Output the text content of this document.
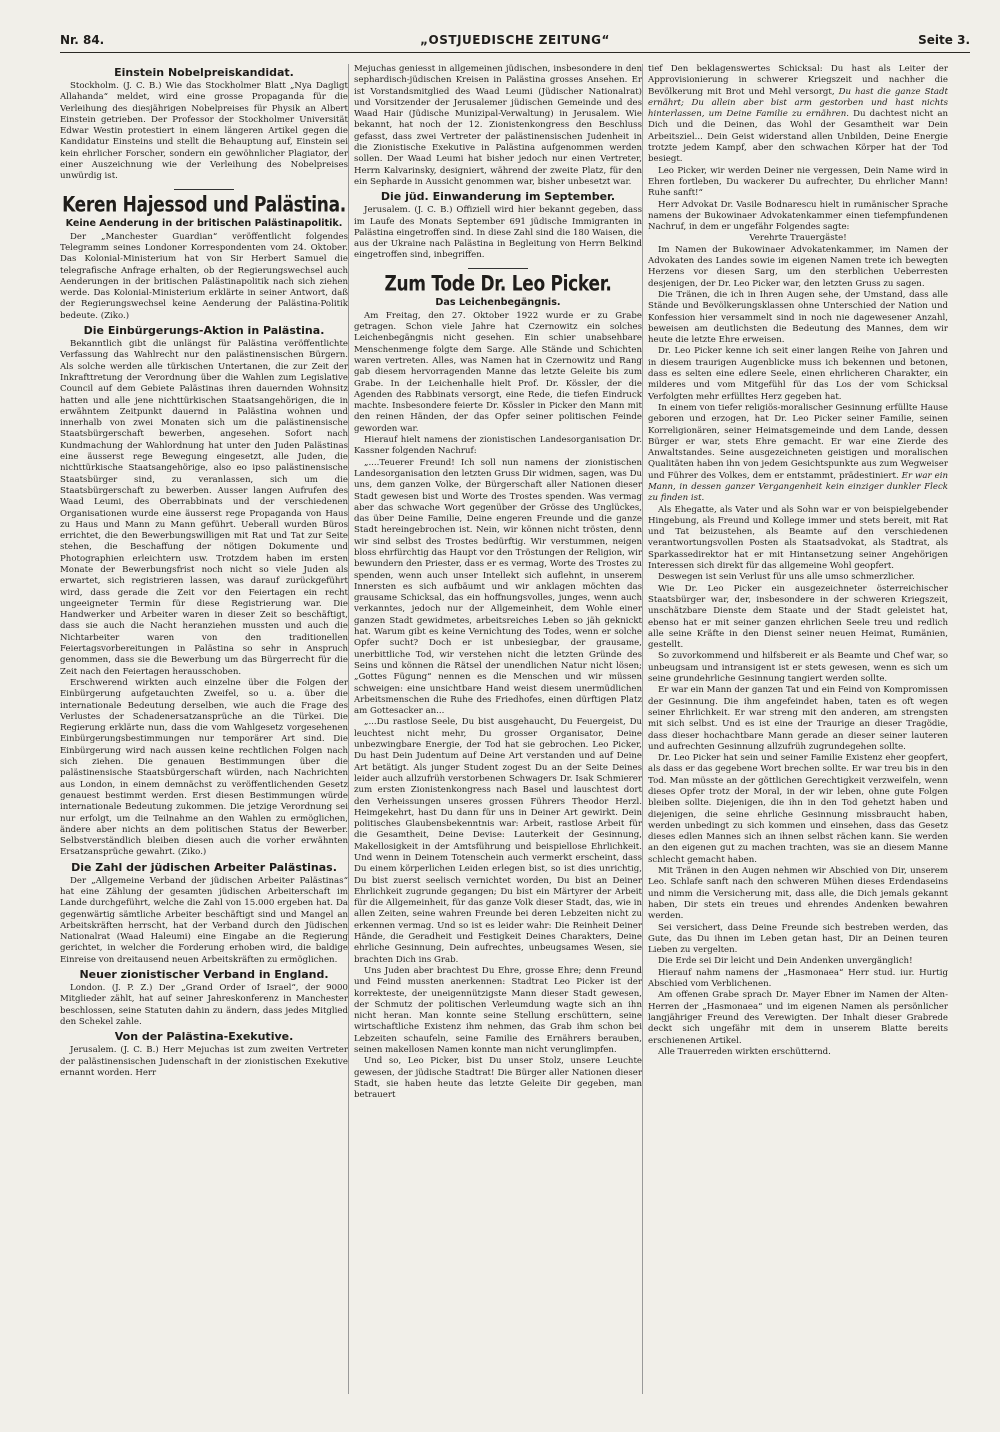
Nr. 84.	„OSTJUEDISCHE ZEITUNG“	Seite 3.
Einstein Nobelpreiskandidat.

Stockholm. (J. C. B.) Wie das Stockholmer Blatt „Nya Dagligt Allahanda“ meldet, wird eine grosse Propaganda für die Verleihung des diesjährigen Nobelpreises für Physik an Albert Einstein getrieben. Der Professor der Stockholmer Universität Edwar Westin protestiert in einem längeren Artikel gegen die Kandidatur Einsteins und stellt die Behauptung auf, Einstein sei kein ehrlicher Forscher, sondern ein gewöhnlicher Plagiator, der einer Auszeichnung wie der Verleihung des Nobelpreises unwürdig ist.

Keren Hajessod und Palästina.
Keine Aenderung in der britischen Palästinapolitik.

Der „Manchester Guardian“ veröffentlicht folgendes Telegramm seines Londoner Korrespondenten vom 24. Oktober. Das Kolonial-Ministerium hat von Sir Herbert Samuel die telegrafische Anfrage erhalten, ob der Regierungswechsel auch Aenderungen in der britischen Palästinapolitik nach sich ziehen werde. Das Kolonial-Ministerium erklärte in seiner Antwort, daß der Regierungswechsel keine Aenderung der Palästina-Politik bedeute. (Ziko.)

Die Einbürgerungs-Aktion in Palästina.

Bekanntlich gibt die unlängst für Palästina veröffentlichte Verfassung das Wahlrecht nur den palästinensischen Bürgern. Als solche werden alle türkischen Untertanen, die zur Zeit der Inkrafttretung der Verordnung über die Wahlen zum Legislative Council auf dem Gebiete Palästinas ihren dauernden Wohnsitz hatten und alle jene nichttürkischen Staatsangehörigen, die in erwähntem Zeitpunkt dauernd in Palästina wohnen und innerhalb von zwei Monaten sich um die palästinensische Staatsbürgerschaft bewerben, angesehen. Sofort nach Kundmachung der Wahlordnung hat unter den Juden Palästinas eine äusserst rege Bewegung eingesetzt, alle Juden, die nichttürkische Staatsangehörige, also eo ipso palästinensische Staatsbürger sind, zu veranlassen, sich um die Staatsbürgerschaft zu bewerben. Ausser langen Aufrufen des Waad Leumi, des Oberrabbinats und der verschiedenen Organisationen wurde eine äusserst rege Propaganda von Haus zu Haus und Mann zu Mann geführt. Ueberall wurden Büros errichtet, die den Bewerbungswilligen mit Rat und Tat zur Seite stehen, die Beschaffung der nötigen Dokumente und Photographien erleichtern usw. Trotzdem haben im ersten Monate der Bewerbungsfrist noch nicht so viele Juden als erwartet, sich registrieren lassen, was darauf zurückgeführt wird, dass gerade die Zeit vor den Feiertagen ein recht ungeeigneter Termin für diese Registrierung war. Die Handwerker und Arbeiter waren in dieser Zeit so beschäftigt, dass sie auch die Nacht heranziehen mussten und auch die Nichtarbeiter waren von den traditionellen Feiertagsvorbereitungen in Palästina so sehr in Anspruch genommen, dass sie die Bewerbung um das Bürgerrecht für die Zeit nach den Feiertagen herausschoben.

Erschwerend wirkten auch einzelne über die Folgen der Einbürgerung aufgetauchten Zweifel, so u. a. über die internationale Bedeutung derselben, wie auch die Frage des Verlustes der Schadenersatzansprüche an die Türkei. Die Regierung erklärte nun, dass die vom Wahlgesetz vorgesehenen Einbürgerungsbestimmungen nur temporärer Art sind. Die Einbürgerung wird nach aussen keine rechtlichen Folgen nach sich ziehen. Die genauen Bestimmungen über die palästinensische Staatsbürgerschaft würden, nach Nachrichten aus London, in einem demnächst zu veröffentlichenden Gesetz genauest bestimmt werden. Erst diesen Bestimmungen würde internationale Bedeutung zukommen. Die jetzige Verordnung sei nur erfolgt, um die Teilnahme an den Wahlen zu ermöglichen, ändere aber nichts an dem politischen Status der Bewerber. Selbstverständlich bleiben diesen auch die vorher erwähnten Ersatzansprüche gewahrt. (Ziko.)

Die Zahl der jüdischen Arbeiter Palästinas.

Der „Allgemeine Verband der jüdischen Arbeiter Palästinas“ hat eine Zählung der gesamten jüdischen Arbeiterschaft im Lande durchgeführt, welche die Zahl von 15.000 ergeben hat. Da gegenwärtig sämtliche Arbeiter beschäftigt sind und Mangel an Arbeitskräften herrscht, hat der Verband durch den Jüdischen Nationalrat (Waad Haleumi) eine Eingabe an die Regierung gerichtet, in welcher die Forderung erhoben wird, die baldige Einreise von dreitausend neuen Arbeitskräften zu ermöglichen.

Neuer zionistischer Verband in England.

London. (J. P. Z.) Der „Grand Order of Israel“, der 9000 Mitglieder zählt, hat auf seiner Jahreskonferenz in Manchester beschlossen, seine Statuten dahin zu ändern, dass jedes Mitglied den Schekel zahle.

Von der Palästina-Exekutive.

Jerusalem. (J. C. B.) Herr Mejuchas ist zum zweiten Vertreter der palästinensischen Judenschaft in der zionistischen Exekutive ernannt worden. Herr

Mejuchas geniesst in allgemeinen jüdischen, insbesondere in den sephardisch-jüdischen Kreisen in Palästina grosses Ansehen. Er ist Vorstandsmitglied des Waad Leumi (Jüdischer Nationalrat) und Vorsitzender der Jerusalemer jüdischen Gemeinde und des Waad Hair (Jüdische Munizipal-Verwaltung) in Jerusalem. Wie bekannt, hat noch der 12. Zionistenkongress den Beschluss gefasst, dass zwei Vertreter der palästinensischen Judenheit in die Zionistische Exekutive in Palästina aufgenommen werden sollen. Der Waad Leumi hat bisher jedoch nur einen Vertreter, Herrn Kalvarinsky, designiert, während der zweite Platz, für den ein Sepharde in Aussicht genommen war, bisher unbesetzt war.

Die jüd. Einwanderung im September.

Jerusalem. (J. C. B.) Offiziell wird hier bekannt gegeben, dass im Laufe des Monats September 691 jüdische Immigranten in Palästina eingetroffen sind. In diese Zahl sind die 180 Waisen, die aus der Ukraine nach Palästina in Begleitung von Herrn Belkind eingetroffen sind, inbegriffen.

Zum Tode Dr. Leo Picker.
Das Leichenbegängnis.

Am Freitag, den 27. Oktober 1922 wurde er zu Grabe getragen. Schon viele Jahre hat Czernowitz ein solches Leichenbegängnis nicht gesehen. Ein schier unabsehbare Menschenmenge folgte dem Sarge. Alle Stände und Schichten waren vertreten. Alles, was Namen hat in Czernowitz und Rang gab diesem hervorragenden Manne das letzte Geleite bis zum Grabe. In der Leichenhalle hielt Prof. Dr. Kössler, der die Agenden des Rabbinats versorgt, eine Rede, die tiefen Eindruck machte. Insbesondere feierte Dr. Kössler in Picker den Mann mit den reinen Händen, der das Opfer seiner politischen Feinde geworden war.

Hierauf hielt namens der zionistischen Landesorganisation Dr. Kassner folgenden Nachruf:

„....Teuerer Freund! Ich soll nun namens der zionistischen Landesorganisation den letzten Gruss Dir widmen, sagen, was Du uns, dem ganzen Volke, der Bürgerschaft aller Nationen dieser Stadt gewesen bist und Worte des Trostes spenden. Was vermag aber das schwache Wort gegenüber der Grösse des Unglückes, das über Deine Familie, Deine engeren Freunde und die ganze Stadt hereingebrochen ist. Nein, wir können nicht trösten, denn wir sind selbst des Trostes bedürftig. Wir verstummen, neigen bloss ehrfürchtig das Haupt vor den Tröstungen der Religion, wir bewundern den Priester, dass er es vermag, Worte des Trostes zu spenden, wenn auch unser Intellekt sich auflehnt, in unserem Innersten es sich aufbäumt und wir anklagen möchten das grausame Schicksal, das ein hoffnungsvolles, junges, wenn auch verkanntes, jedoch nur der Allgemeinheit, dem Wohle einer ganzen Stadt gewidmetes, arbeitsreiches Leben so jäh geknickt hat. Warum gibt es keine Vernichtung des Todes, wenn er solche Opfer sucht? Doch er ist unbesiegbar, der grausame, unerbittliche Tod, wir verstehen nicht die letzten Gründe des Seins und können die Rätsel der unendlichen Natur nicht lösen; „Gottes Fügung“ nennen es die Menschen und wir müssen schweigen: eine unsichtbare Hand weist diesem unermüdlichen Arbeitsmenschen die Ruhe des Friedhofes, einen dürftigen Platz am Gottesacker an...

„...Du rastlose Seele, Du bist ausgehaucht, Du Feuergeist, Du leuchtest nicht mehr, Du grosser Organisator, Deine unbezwingbare Energie, der Tod hat sie gebrochen. Leo Picker, Du hast Dein Judentum auf Deine Art verstanden und auf Deine Art betätigt. Als junger Student zogest Du an der Seite Deines leider auch allzufrüh verstorbenen Schwagers Dr. Isak Schmierer zum ersten Zionistenkongress nach Basel und lauschtest dort den Verheissungen unseres grossen Führers Theodor Herzl. Heimgekehrt, hast Du dann für uns in Deiner Art gewirkt. Dein politisches Glaubensbekenntnis war: Arbeit, rastlose Arbeit für die Gesamtheit, Deine Devise: Lauterkeit der Gesinnung, Makellosigkeit in der Amtsführung und beispiellose Ehrlichkeit. Und wenn in Deinem Totenschein auch vermerkt erscheint, dass Du einem körperlichen Leiden erlegen bist, so ist dies unrichtig, Du bist zuerst seelisch vernichtet worden, Du bist an Deiner Ehrlichkeit zugrunde gegangen; Du bist ein Märtyrer der Arbeit für die Allgemeinheit, für das ganze Volk dieser Stadt, das, wie in allen Zeiten, seine wahren Freunde bei deren Lebzeiten nicht zu erkennen vermag. Und so ist es leider wahr: Die Reinheit Deiner Hände, die Geradheit und Festigkeit Deines Charakters, Deine ehrliche Gesinnung, Dein aufrechtes, unbeugsames Wesen, sie brachten Dich ins Grab.

Uns Juden aber brachtest Du Ehre, grosse Ehre; denn Freund und Feind mussten anerkennen: Stadtrat Leo Picker ist der korrekteste, der uneigennützigste Mann dieser Stadt gewesen, der Schmutz der politischen Verleumdung wagte sich an ihn nicht heran. Man konnte seine Stellung erschüttern, seine wirtschaftliche Existenz ihm nehmen, das Grab ihm schon bei Lebzeiten schaufeln, seine Familie des Ernährers berauben, seinen makellosen Namen konnte man nicht verunglimpfen.

Und so, Leo Picker, bist Du unser Stolz, unsere Leuchte gewesen, der jüdische Stadtrat! Die Bürger aller Nationen dieser Stadt, sie haben heute das letzte Geleite Dir gegeben, man betrauert

tief Den beklagenswertes Schicksal: Du hast als Leiter der Approvisionierung in schwerer Kriegszeit und nachher die Bevölkerung mit Brot und Mehl versorgt, Du hast die ganze Stadt ernährt; Du allein aber bist arm gestorben und hast nichts hinterlassen, um Deine Familie zu ernähren. Du dachtest nicht an Dich und die Deinen, das Wohl der Gesamtheit war Dein Arbeitsziel... Dein Geist widerstand allen Unbilden, Deine Energie trotzte jedem Kampf, aber den schwachen Körper hat der Tod besiegt.

Leo Picker, wir werden Deiner nie vergessen, Dein Name wird in Ehren fortleben, Du wackerer Du aufrechter, Du ehrlicher Mann! Ruhe sanft!“

Herr Advokat Dr. Vasile Bodnarescu hielt in rumänischer Sprache namens der Bukowinaer Advokatenkammer einen tiefempfundenen Nachruf, in dem er ungefähr Folgendes sagte:

Verehrte Trauergäste!

Im Namen der Bukowinaer Advokatenkammer, im Namen der Advokaten des Landes sowie im eigenen Namen trete ich bewegten Herzens vor diesen Sarg, um den sterblichen Ueberresten desjenigen, der Dr. Leo Picker war, den letzten Gruss zu sagen.

Die Tränen, die ich in Ihren Augen sehe, der Umstand, dass alle Stände und Bevölkerungsklassen ohne Unterschied der Nation und Konfession hier versammelt sind in noch nie dagewesener Anzahl, beweisen am deutlichsten die Bedeutung des Mannes, dem wir heute die letzte Ehre erweisen.

Dr. Leo Picker kenne ich seit einer langen Reihe von Jahren und in diesem traurigen Augenblicke muss ich bekennen und betonen, dass es selten eine edlere Seele, einen ehrlicheren Charakter, ein milderes und vom Mitgefühl für das Los der vom Schicksal Verfolgten mehr erfülltes Herz gegeben hat.

In einem von tiefer religiös-moralischer Gesinnung erfüllte Hause geboren und erzogen, hat Dr. Leo Picker seiner Familie, seinen Korreligionären, seiner Heimatsgemeinde und dem Lande, dessen Bürger er war, stets Ehre gemacht. Er war eine Zierde des Anwaltstandes. Seine ausgezeichneten geistigen und moralischen Qualitäten haben ihn von jedem Gesichtspunkte aus zum Wegweiser und Führer des Volkes, dem er entstammt, prädestiniert. Er war ein Mann, in dessen ganzer Vergangenheit kein einziger dunkler Fleck zu finden ist.

Als Ehegatte, als Vater und als Sohn war er von beispielgebender Hingebung, als Freund und Kollege immer und stets bereit, mit Rat und Tat beizustehen, als Beamte auf den verschiedenen verantwortungsvollen Posten als Staatsadvokat, als Stadtrat, als Sparkassedirektor hat er mit Hintansetzung seiner Angehörigen Interessen sich direkt für das allgemeine Wohl geopfert.

Deswegen ist sein Verlust für uns alle umso schmerzlicher.

Wie Dr. Leo Picker ein ausgezeichneter österreichischer Staatsbürger war, der, insbesondere in der schweren Kriegszeit, unschätzbare Dienste dem Staate und der Stadt geleistet hat, ebenso hat er mit seiner ganzen ehrlichen Seele treu und redlich alle seine Kräfte in den Dienst seiner neuen Heimat, Rumänien, gestellt.

So zuvorkommend und hilfsbereit er als Beamte und Chef war, so unbeugsam und intransigent ist er stets gewesen, wenn es sich um seine grundehrliche Gesinnung tangiert werden sollte.

Er war ein Mann der ganzen Tat und ein Feind von Kompromissen der Gesinnung. Die ihm angefeindet haben, taten es oft wegen seiner Ehrlichkeit. Er war streng mit den anderen, am strengsten mit sich selbst. Und es ist eine der Traurige an dieser Tragödie, dass dieser hochachtbare Mann gerade an dieser seiner lauteren und aufrechten Gesinnung allzufrüh zugrundegehen sollte.

Dr. Leo Picker hat sein und seiner Familie Existenz eher geopfert, als dass er das gegebene Wort brechen sollte. Er war treu bis in den Tod. Man müsste an der göttlichen Gerechtigkeit verzweifeln, wenn dieses Opfer trotz der Moral, in der wir leben, ohne gute Folgen bleiben sollte. Diejenigen, die ihn in den Tod gehetzt haben und diejenigen, die seine ehrliche Gesinnung missbraucht haben, werden unbedingt zu sich kommen und einsehen, dass das Gesetz dieses edlen Mannes sich an ihnen selbst rächen kann. Sie werden an den eigenen gut zu machen trachten, was sie an diesem Manne schlecht gemacht haben.

Mit Tränen in den Augen nehmen wir Abschied von Dir, unserem Leo. Schlafe sanft nach den schweren Mühen dieses Erdendaseins und nimm die Versicherung mit, dass alle, die Dich jemals gekannt haben, Dir stets ein treues und ehrendes Andenken bewahren werden.

Sei versichert, dass Deine Freunde sich bestreben werden, das Gute, das Du ihnen im Leben getan hast, Dir an Deinen teuren Lieben zu vergelten.

Die Erde sei Dir leicht und Dein Andenken unvergänglich!

Hierauf nahm namens der „Hasmonaea“ Herr stud. iur. Hurtig Abschied vom Verblichenen.

Am offenen Grabe sprach Dr. Mayer Ebner im Namen der Alten-Herren der „Hasmonaea“ und im eigenen Namen als persönlicher langjähriger Freund des Verewigten. Der Inhalt dieser Grabrede deckt sich ungefähr mit dem in unserem Blatte bereits erschienenen Artikel.

Alle Trauerreden wirkten erschütternd.
